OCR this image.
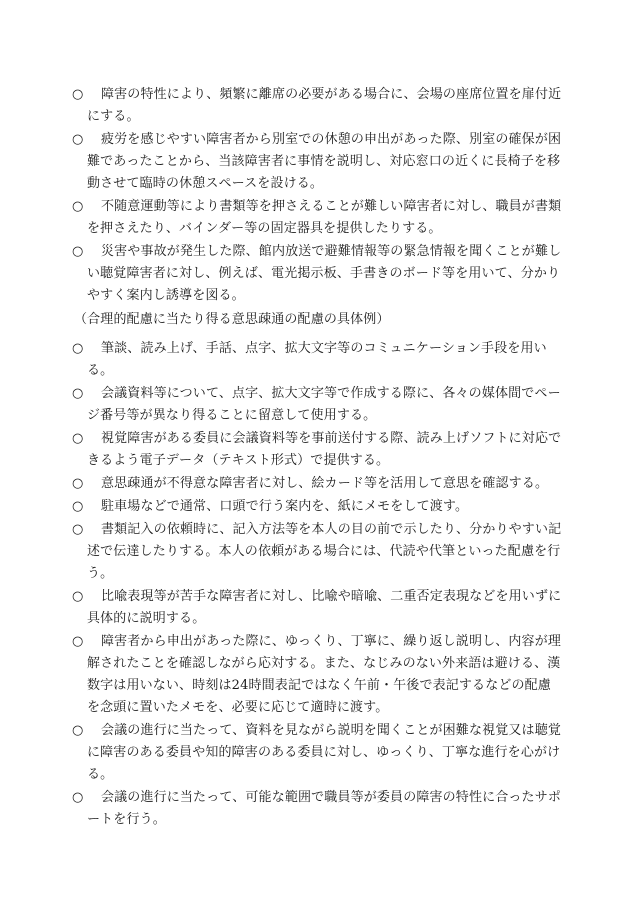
○	障害の特性により、頻繁に離席の必要がある場合に、会場の座席位置を扉付近にする。
○	疲労を感じやすい障害者から別室での休憩の申出があった際、別室の確保が困難であったことから、当該障害者に事情を説明し、対応窓口の近くに長椅子を移動させて臨時の休憩スペースを設ける。
○	不随意運動等により書類等を押さえることが難しい障害者に対し、職員が書類を押さえたり、バインダー等の固定器具を提供したりする。
○	災害や事故が発生した際、館内放送で避難情報等の緊急情報を聞くことが難しい聴覚障害者に対し、例えば、電光掲示板、手書きのボード等を用いて、分かりやすく案内し誘導を図る。
（合理的配慮に当たり得る意思疎通の配慮の具体例）
○	筆談、読み上げ、手話、点字、拡大文字等のコミュニケーション手段を用いる。
○	会議資料等について、点字、拡大文字等で作成する際に、各々の媒体間でページ番号等が異なり得ることに留意して使用する。
○	視覚障害がある委員に会議資料等を事前送付する際、読み上げソフトに対応できるよう電子データ（テキスト形式）で提供する。
○	意思疎通が不得意な障害者に対し、絵カード等を活用して意思を確認する。
○	駐車場などで通常、口頭で行う案内を、紙にメモをして渡す。
○	書類記入の依頼時に、記入方法等を本人の目の前で示したり、分かりやすい記述で伝達したりする。本人の依頼がある場合には、代読や代筆といった配慮を行う。
○	比喩表現等が苦手な障害者に対し、比喩や暗喩、二重否定表現などを用いずに具体的に説明する。
○	障害者から申出があった際に、ゆっくり、丁寧に、繰り返し説明し、内容が理解されたことを確認しながら応対する。また、なじみのない外来語は避ける、漢数字は用いない、時刻は24時間表記ではなく午前・午後で表記するなどの配慮を念頭に置いたメモを、必要に応じて適時に渡す。
○	会議の進行に当たって、資料を見ながら説明を聞くことが困難な視覚又は聴覚に障害のある委員や知的障害のある委員に対し、ゆっくり、丁寧な進行を心がける。
○	会議の進行に当たって、可能な範囲で職員等が委員の障害の特性に合ったサポートを行う。
